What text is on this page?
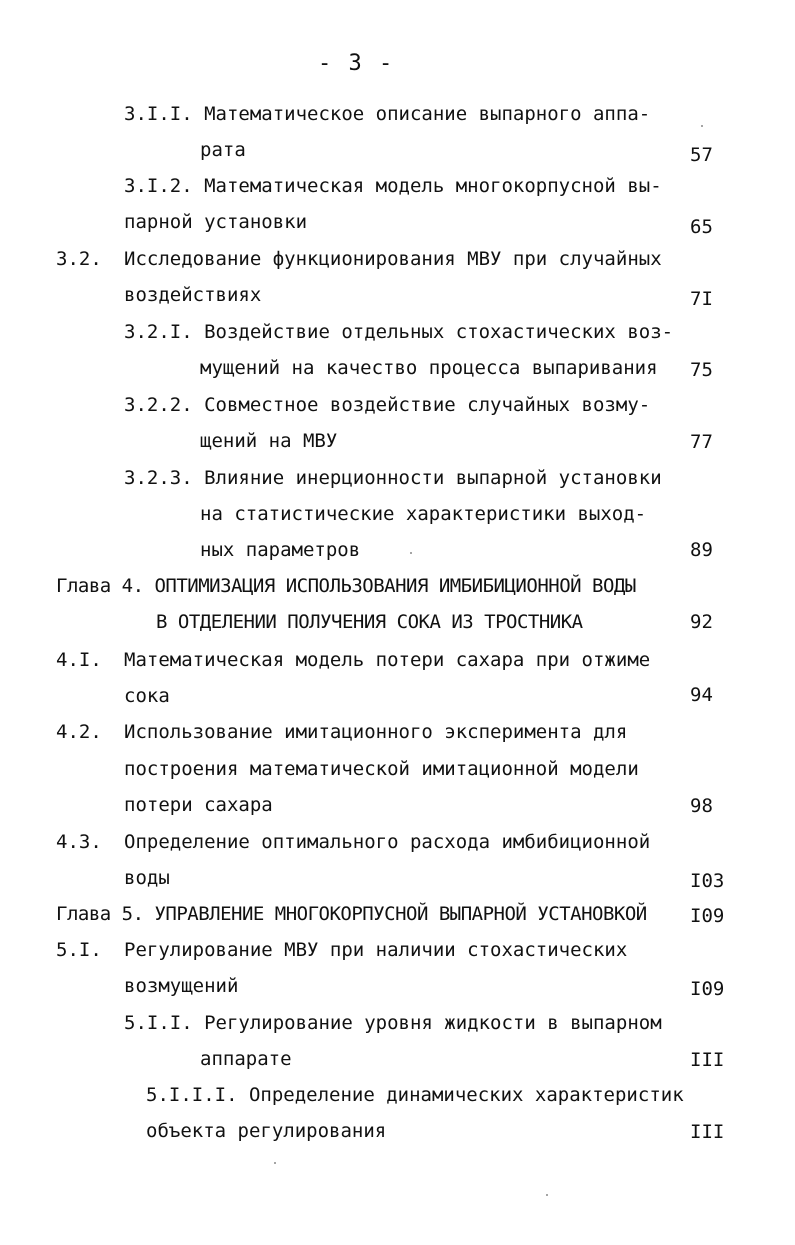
- 3 -
3.I.I. Математическое описание выпарного аппа-
рата	57
3.I.2. Математическая модель многокорпусной вы-
парной установки	65
3.2. Исследование функционирования МВУ при случайных
воздействиях	7I
3.2.I. Воздействие отдельных стохастических воз-
мущений на качество процесса выпаривания 75
3.2.2. Совместное воздействие случайных возму-
щений на МВУ	77
3.2.3. Влияние инерционности выпарной установки
на статистические характеристики выход-
ных параметров	89
Глава 4. ОПТИМИЗАЦИЯ ИСПОЛЬЗОВАНИЯ ИМБИБИЦИОННОЙ ВОДЫ
В ОТДЕЛЕНИИ ПОЛУЧЕНИЯ СОКА ИЗ ТРОСТНИКА	92
4.I. Математическая модель потери сахара при отжиме
сока	94
4.2. Использование имитационного эксперимента для
построения математической имитационной модели
потери сахара	98
4.3. Определение оптимального расхода имбибиционной
воды	I03
Глава 5. УПРАВЛЕНИЕ МНОГОКОРПУСНОЙ ВЫПАРНОЙ УСТАНОВКОЙ I09
5.I. Регулирование МВУ при наличии стохастических
возмущений	I09
5.I.I. Регулирование уровня жидкости в выпарном
аппарате	III
5.I.I.I. Определение динамических характеристик
объекта регулирования	III
